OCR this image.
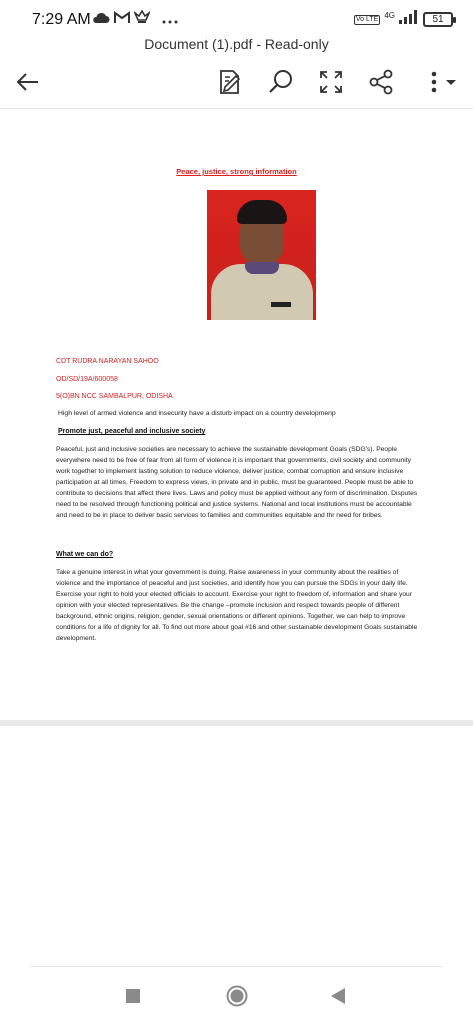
7:29 AM	Vo LTE 4G	51
Document (1).pdf - Read-only
Peace, justice, strong information
CDT RUDRA NARAYAN SAHOO
OD/SD/19A/600058
5(O)BN NCC SAMBALPUR, ODISHA
High level of armed violence and insecurity have a disturb impact on a country developmenp
Promote just, peaceful and inclusive society
Peaceful, just and inclusive societies are necessary to achieve the sustainable development Goals (SDG's). People everywhere need to be free of fear from all form of violence it is important that governments, civil society and community work together to implement lasting solution to reduce violence, deliver justice, combat corruption and ensure inclusive participation at all times. Freedom to express views, in private and in public, must be guaranteed. People must be able to contribute to decisions that affect there lives. Laws and policy must be applied without any form of discrimination. Disputes need to be resolved through functioning political and justice systems. National and local institutions must be accountable and need to be in place to deliver basic services to families and communities equitable and thr need for bribes.
What we can do?
Take a genuine interest in what your government is doing. Raise awareness in your community about the realities of violence and the importance of peaceful and just societies, and identify how you can pursue the SDGs in your daily life. Exercise your right to hold your elected officials to account. Exercise your right to freedom of, information and share your opinion with your elected representatives. Be the change –promote inclusion and respect towards people of different background, ethnic origins, religion, gender, sexual orientations or different opinions. Together, we can help to improve conditions for a life of dignity for all. To find out more about goal #16 and other sustainable development Goals sustainable development.
